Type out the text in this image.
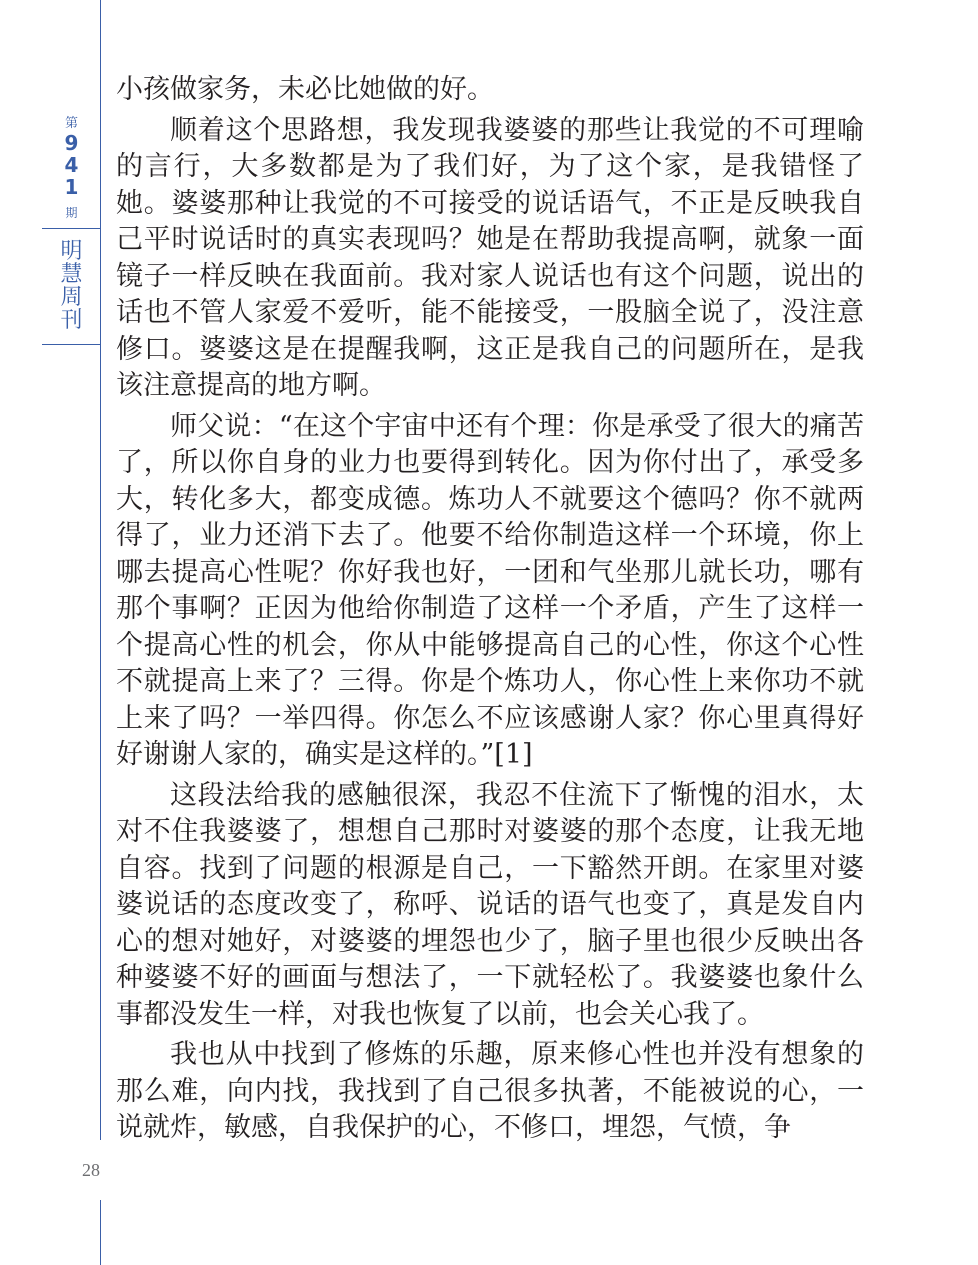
第
9
4
1
期
明
慧
周
刊
28

小孩做家务，未必比她做的好。

顺着这个思路想，我发现我婆婆的那些让我觉的不可理喻的言行，大多数都是为了我们好，为了这个家，是我错怪了她。婆婆那种让我觉的不可接受的说话语气，不正是反映我自己平时说话时的真实表现吗？她是在帮助我提高啊，就象一面镜子一样反映在我面前。我对家人说话也有这个问题，说出的话也不管人家爱不爱听，能不能接受，一股脑全说了，没注意修口。婆婆这是在提醒我啊，这正是我自己的问题所在，是我该注意提高的地方啊。

师父说：“在这个宇宙中还有个理：你是承受了很大的痛苦了，所以你自身的业力也要得到转化。因为你付出了，承受多大，转化多大，都变成德。炼功人不就要这个德吗？你不就两得了，业力还消下去了。他要不给你制造这样一个环境，你上哪去提高心性呢？你好我也好，一团和气坐那儿就长功，哪有那个事啊？正因为他给你制造了这样一个矛盾，产生了这样一个提高心性的机会，你从中能够提高自己的心性，你这个心性不就提高上来了？三得。你是个炼功人，你心性上来你功不就上来了吗？一举四得。你怎么不应该感谢人家？你心里真得好好谢谢人家的，确实是这样的。”[1]

这段法给我的感触很深，我忍不住流下了惭愧的泪水，太对不住我婆婆了，想想自己那时对婆婆的那个态度，让我无地自容。找到了问题的根源是自己，一下豁然开朗。在家里对婆婆说话的态度改变了，称呼、说话的语气也变了，真是发自内心的想对她好，对婆婆的埋怨也少了，脑子里也很少反映出各种婆婆不好的画面与想法了，一下就轻松了。我婆婆也象什么事都没发生一样，对我也恢复了以前，也会关心我了。

我也从中找到了修炼的乐趣，原来修心性也并没有想象的那么难，向内找，我找到了自己很多执著，不能被说的心，一说就炸，敏感，自我保护的心，不修口，埋怨，气愤，争
